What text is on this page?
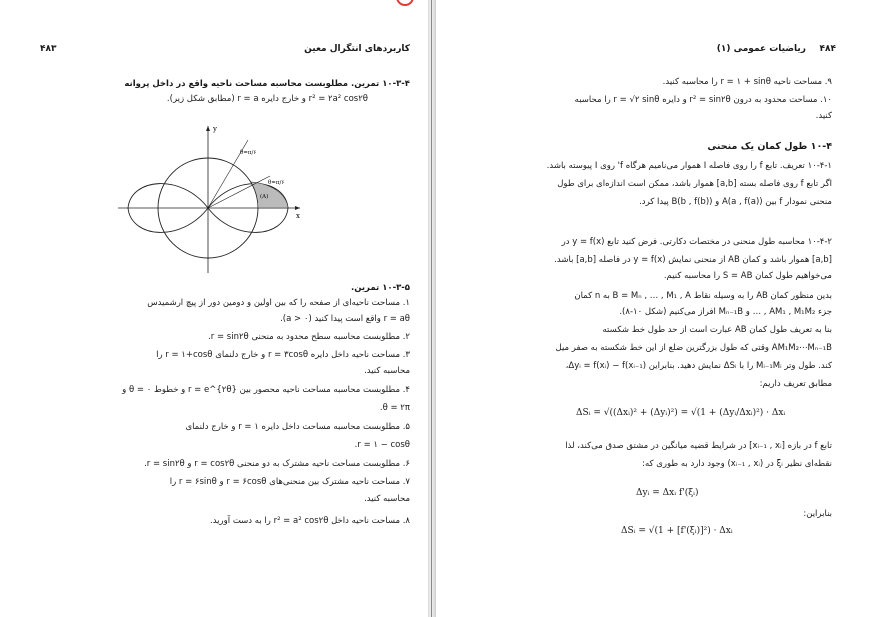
کاربردهای انتگرال معین
۴۸۳
۱۰-۳-۴ تمرین. مطلوبست محاسبه مساحت ناحیه واقع در داخل پروانه
r² = ۲a² cos۲θ و خارج دایره r = a (مطابق شکل زیر).
y
x
θ=π/۶
θ=π/۶
(A)
۱۰-۳-۵ تمرین.
۱. مساحت ناحیه‌ای از صفحه را که بین اولین و دومین دور از پیچ ارشمیدس
r = aθ واقع است پیدا کنید (a > ۰).
۲. مطلوبست محاسبه سطح محدود به منحنی r = sin۲θ.
۳. مساحت ناحیه داخل دایره r = ۳cosθ و خارج دلنمای r = ۱+cosθ را
محاسبه کنید.
۴. مطلوبست محاسبه مساحت ناحیه محصور بین r = e^{۲θ} و خطوط θ = ۰ و
θ = ۲π.
۵. مطلوبست محاسبه مساحت داخل دایره r = ۱ و خارج دلنمای
r = ۱ − cosθ.
۶. مطلوبست مساحت ناحیه مشترک به دو منحنی r = cos۲θ و r = sin۲θ.
۷. مساحت ناحیه مشترک بین منحنی‌های r = ۶cosθ و r = ۶sinθ را
محاسبه کنید.
۸. مساحت ناحیه داخل r² = a² cos۲θ را به دست آورید.
۴۸۴
ریاضیات عمومی (۱)
۹. مساحت ناحیه r = ۱ + sinθ را محاسبه کنید.
۱۰. مساحت محدود به درون r² = sin۲θ و دایره r = √۲ sinθ را محاسبه
کنید.
۱۰-۴ طول کمان یک منحنی
۱۰-۴-۱ تعریف. تابع f را روی فاصله I هموار می‌نامیم هرگاه f' روی I پیوسته باشد.
اگر تابع f روی فاصله بسته [a,b] هموار باشد، ممکن است اندازه‌ای برای طول
منحنی نمودار f بین A(a , f(a)) و B(b , f(b)) پیدا کرد.
۱۰-۴-۲ محاسبه طول منحنی در مختصات دکارتی. فرض کنید تابع y = f(x) در
[a,b] هموار باشد و کمان AB از منحنی نمایش y = f(x) در فاصله [a,b] باشد.
می‌خواهیم طول کمان S = AB را محاسبه کنیم.
بدین منظور کمان AB را به وسیله نقاط B = Mₙ , … , M₁ , A به n کمان
جزء AM₁ , M₁M₂ , … و Mₙ₋₁B افراز می‌کنیم (شکل ۱۰-۸).
بنا به تعریف طول کمان AB عبارت است از حد طول خط شکسته
AM₁M₂⋯Mₙ₋₁B وقتی که طول بزرگترین ضلع از این خط شکسته به صفر میل
کند. طول وتر Mᵢ₋₁Mᵢ را با ΔSᵢ نمایش دهید. بنابراین Δyᵢ = f(xᵢ) − f(xᵢ₋₁)،
مطابق تعریف داریم:
ΔSᵢ = √((Δxᵢ)² + (Δyᵢ)²) = √(1 + (Δyᵢ/Δxᵢ)²) · Δxᵢ
تابع f در بازه [xᵢ₋₁ , xᵢ] در شرایط قضیه میانگین در مشتق صدق می‌کند، لذا
نقطه‌ای نظیر ξᵢ در (xᵢ₋₁ , xᵢ) وجود دارد به طوری که:
Δyᵢ = Δxᵢ f'(ξᵢ)
بنابراین:
ΔSᵢ = √(1 + [f'(ξᵢ)]²) · Δxᵢ
